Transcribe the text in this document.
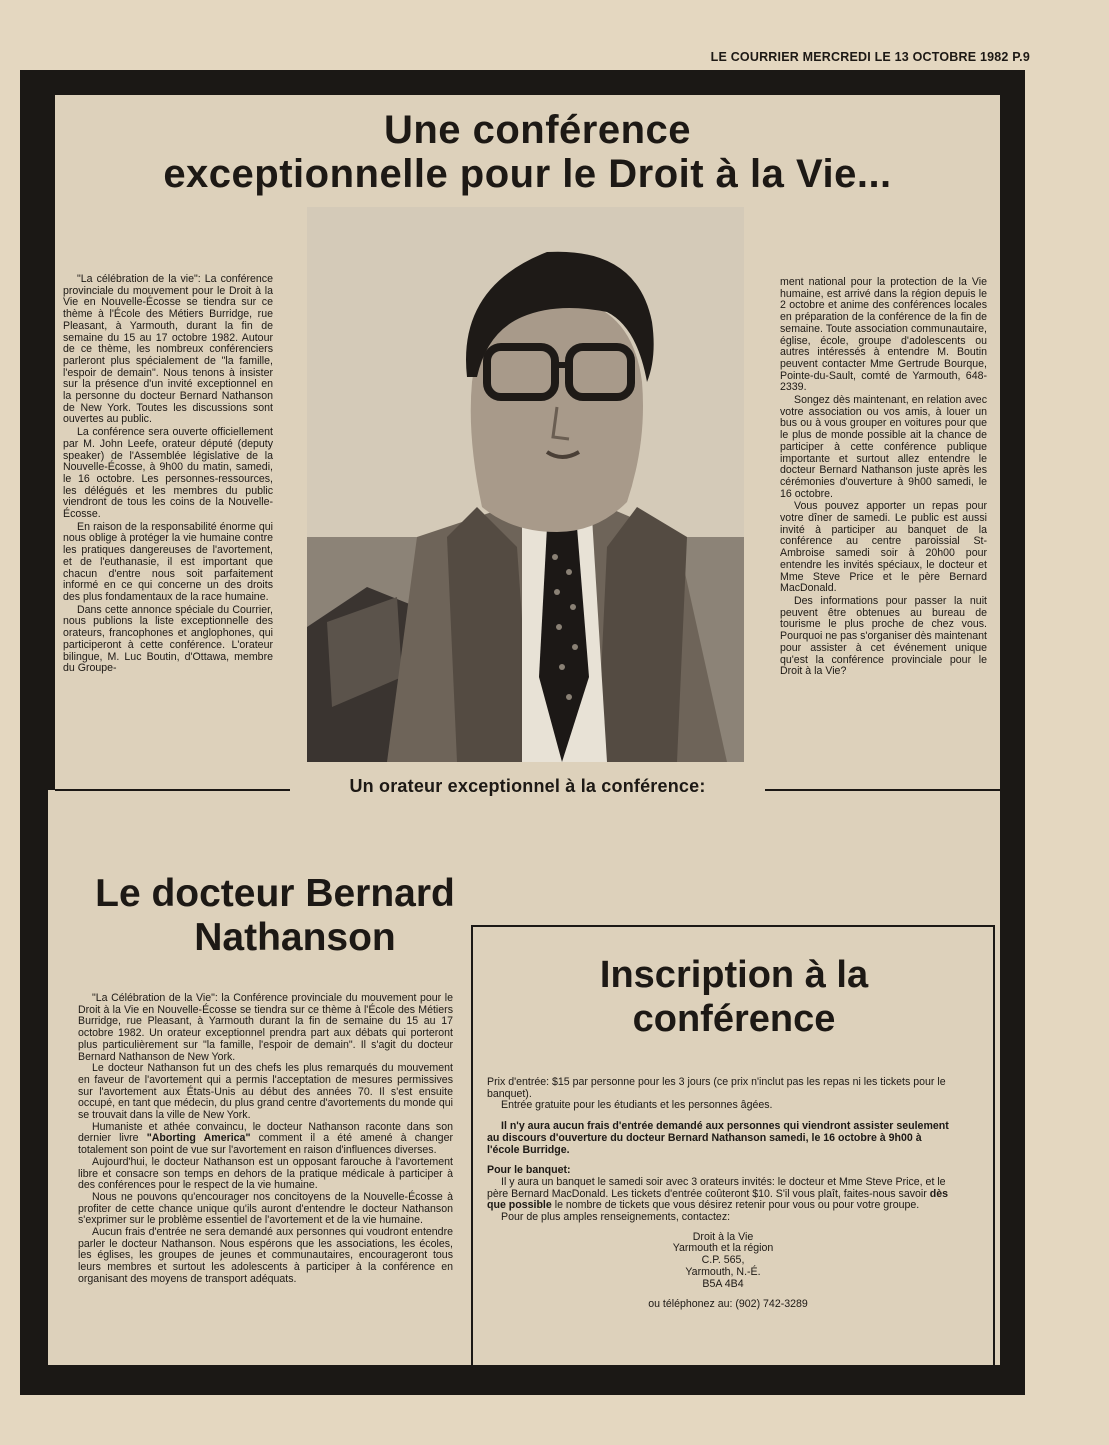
LE COURRIER MERCREDI LE 13 OCTOBRE 1982 P.9
Une conférence
exceptionnelle pour le Droit à la Vie...

"La célébration de la vie": La conférence provinciale du mouvement pour le Droit à la Vie en Nouvelle-Écosse se tiendra sur ce thème à l'École des Métiers Burridge, rue Pleasant, à Yarmouth, durant la fin de semaine du 15 au 17 octobre 1982. Autour de ce thème, les nombreux conférenciers parleront plus spécialement de "la famille, l'espoir de demain". Nous tenons à insister sur la présence d'un invité exceptionnel en la personne du docteur Bernard Nathanson de New York. Toutes les discussions sont ouvertes au public.

La conférence sera ouverte officiellement par M. John Leefe, orateur député (deputy speaker) de l'Assemblée législative de la Nouvelle-Écosse, à 9h00 du matin, samedi, le 16 octobre. Les personnes-ressources, les délégués et les membres du public viendront de tous les coins de la Nouvelle-Écosse.

En raison de la responsabilité énorme qui nous oblige à protéger la vie humaine contre les pratiques dangereuses de l'avortement, et de l'euthanasie, il est important que chacun d'entre nous soit parfaitement informé en ce qui concerne un des droits des plus fondamentaux de la race humaine.

Dans cette annonce spéciale du Courrier, nous publions la liste exceptionnelle des orateurs, francophones et anglophones, qui participeront à cette conférence. L'orateur bilingue, M. Luc Boutin, d'Ottawa, membre du Groupe-

ment national pour la protection de la Vie humaine, est arrivé dans la région depuis le 2 octobre et anime des conférences locales en préparation de la conférence de la fin de semaine. Toute association communautaire, église, école, groupe d'adolescents ou autres intéressés à entendre M. Boutin peuvent contacter Mme Gertrude Bourque, Pointe-du-Sault, comté de Yarmouth, 648-2339.

Songez dès maintenant, en relation avec votre association ou vos amis, à louer un bus ou à vous grouper en voitures pour que le plus de monde possible ait la chance de participer à cette conférence publique importante et surtout allez entendre le docteur Bernard Nathanson juste après les cérémonies d'ouverture à 9h00 samedi, le 16 octobre.

Vous pouvez apporter un repas pour votre dîner de samedi. Le public est aussi invité à participer au banquet de la conférence au centre paroissial St-Ambroise samedi soir à 20h00 pour entendre les invités spéciaux, le docteur et Mme Steve Price et le père Bernard MacDonald.

Des informations pour passer la nuit peuvent être obtenues au bureau de tourisme le plus proche de chez vous. Pourquoi ne pas s'organiser dès maintenant pour assister à cet événement unique qu'est la conférence provinciale pour le Droit à la Vie?

Un orateur exceptionnel à la conférence:
Le docteur Bernard
Nathanson

"La Célébration de la Vie": la Conférence provinciale du mouvement pour le Droit à la Vie en Nouvelle-Écosse se tiendra sur ce thème à l'École des Métiers Burridge, rue Pleasant, à Yarmouth durant la fin de semaine du 15 au 17 octobre 1982. Un orateur exceptionnel prendra part aux débats qui porteront plus particulièrement sur "la famille, l'espoir de demain". Il s'agit du docteur Bernard Nathanson de New York.

Le docteur Nathanson fut un des chefs les plus remarqués du mouvement en faveur de l'avortement qui a permis l'acceptation de mesures permissives sur l'avortement aux États-Unis au début des années 70. Il s'est ensuite occupé, en tant que médecin, du plus grand centre d'avortements du monde qui se trouvait dans la ville de New York.

Humaniste et athée convaincu, le docteur Nathanson raconte dans son dernier livre "Aborting America" comment il a été amené à changer totalement son point de vue sur l'avortement en raison d'influences diverses.

Aujourd'hui, le docteur Nathanson est un opposant farouche à l'avortement libre et consacre son temps en dehors de la pratique médicale à participer à des conférences pour le respect de la vie humaine.

Nous ne pouvons qu'encourager nos concitoyens de la Nouvelle-Écosse à profiter de cette chance unique qu'ils auront d'entendre le docteur Nathanson s'exprimer sur le problème essentiel de l'avortement et de la vie humaine.

Aucun frais d'entrée ne sera demandé aux personnes qui voudront entendre parler le docteur Nathanson. Nous espérons que les associations, les écoles, les églises, les groupes de jeunes et communautaires, encourageront tous leurs membres et surtout les adolescents à participer à la conférence en organisant des moyens de transport adéquats.

Inscription à la
conférence

Prix d'entrée: $15 par personne pour les 3 jours (ce prix n'inclut pas les repas ni les tickets pour le banquet).

Entrée gratuite pour les étudiants et les personnes âgées.

Il n'y aura aucun frais d'entrée demandé aux personnes qui viendront assister seulement au discours d'ouverture du docteur Bernard Nathanson samedi, le 16 octobre à 9h00 à l'école Burridge.

Pour le banquet:

Il y aura un banquet le samedi soir avec 3 orateurs invités: le docteur et Mme Steve Price, et le père Bernard MacDonald. Les tickets d'entrée coûteront $10. S'il vous plaît, faites-nous savoir dès que possible le nombre de tickets que vous désirez retenir pour vous ou pour votre groupe.

Pour de plus amples renseignements, contactez:

Droit à la Vie
Yarmouth et la région
C.P. 565,
Yarmouth, N.-É.
B5A 4B4

ou téléphonez au: (902) 742-3289
